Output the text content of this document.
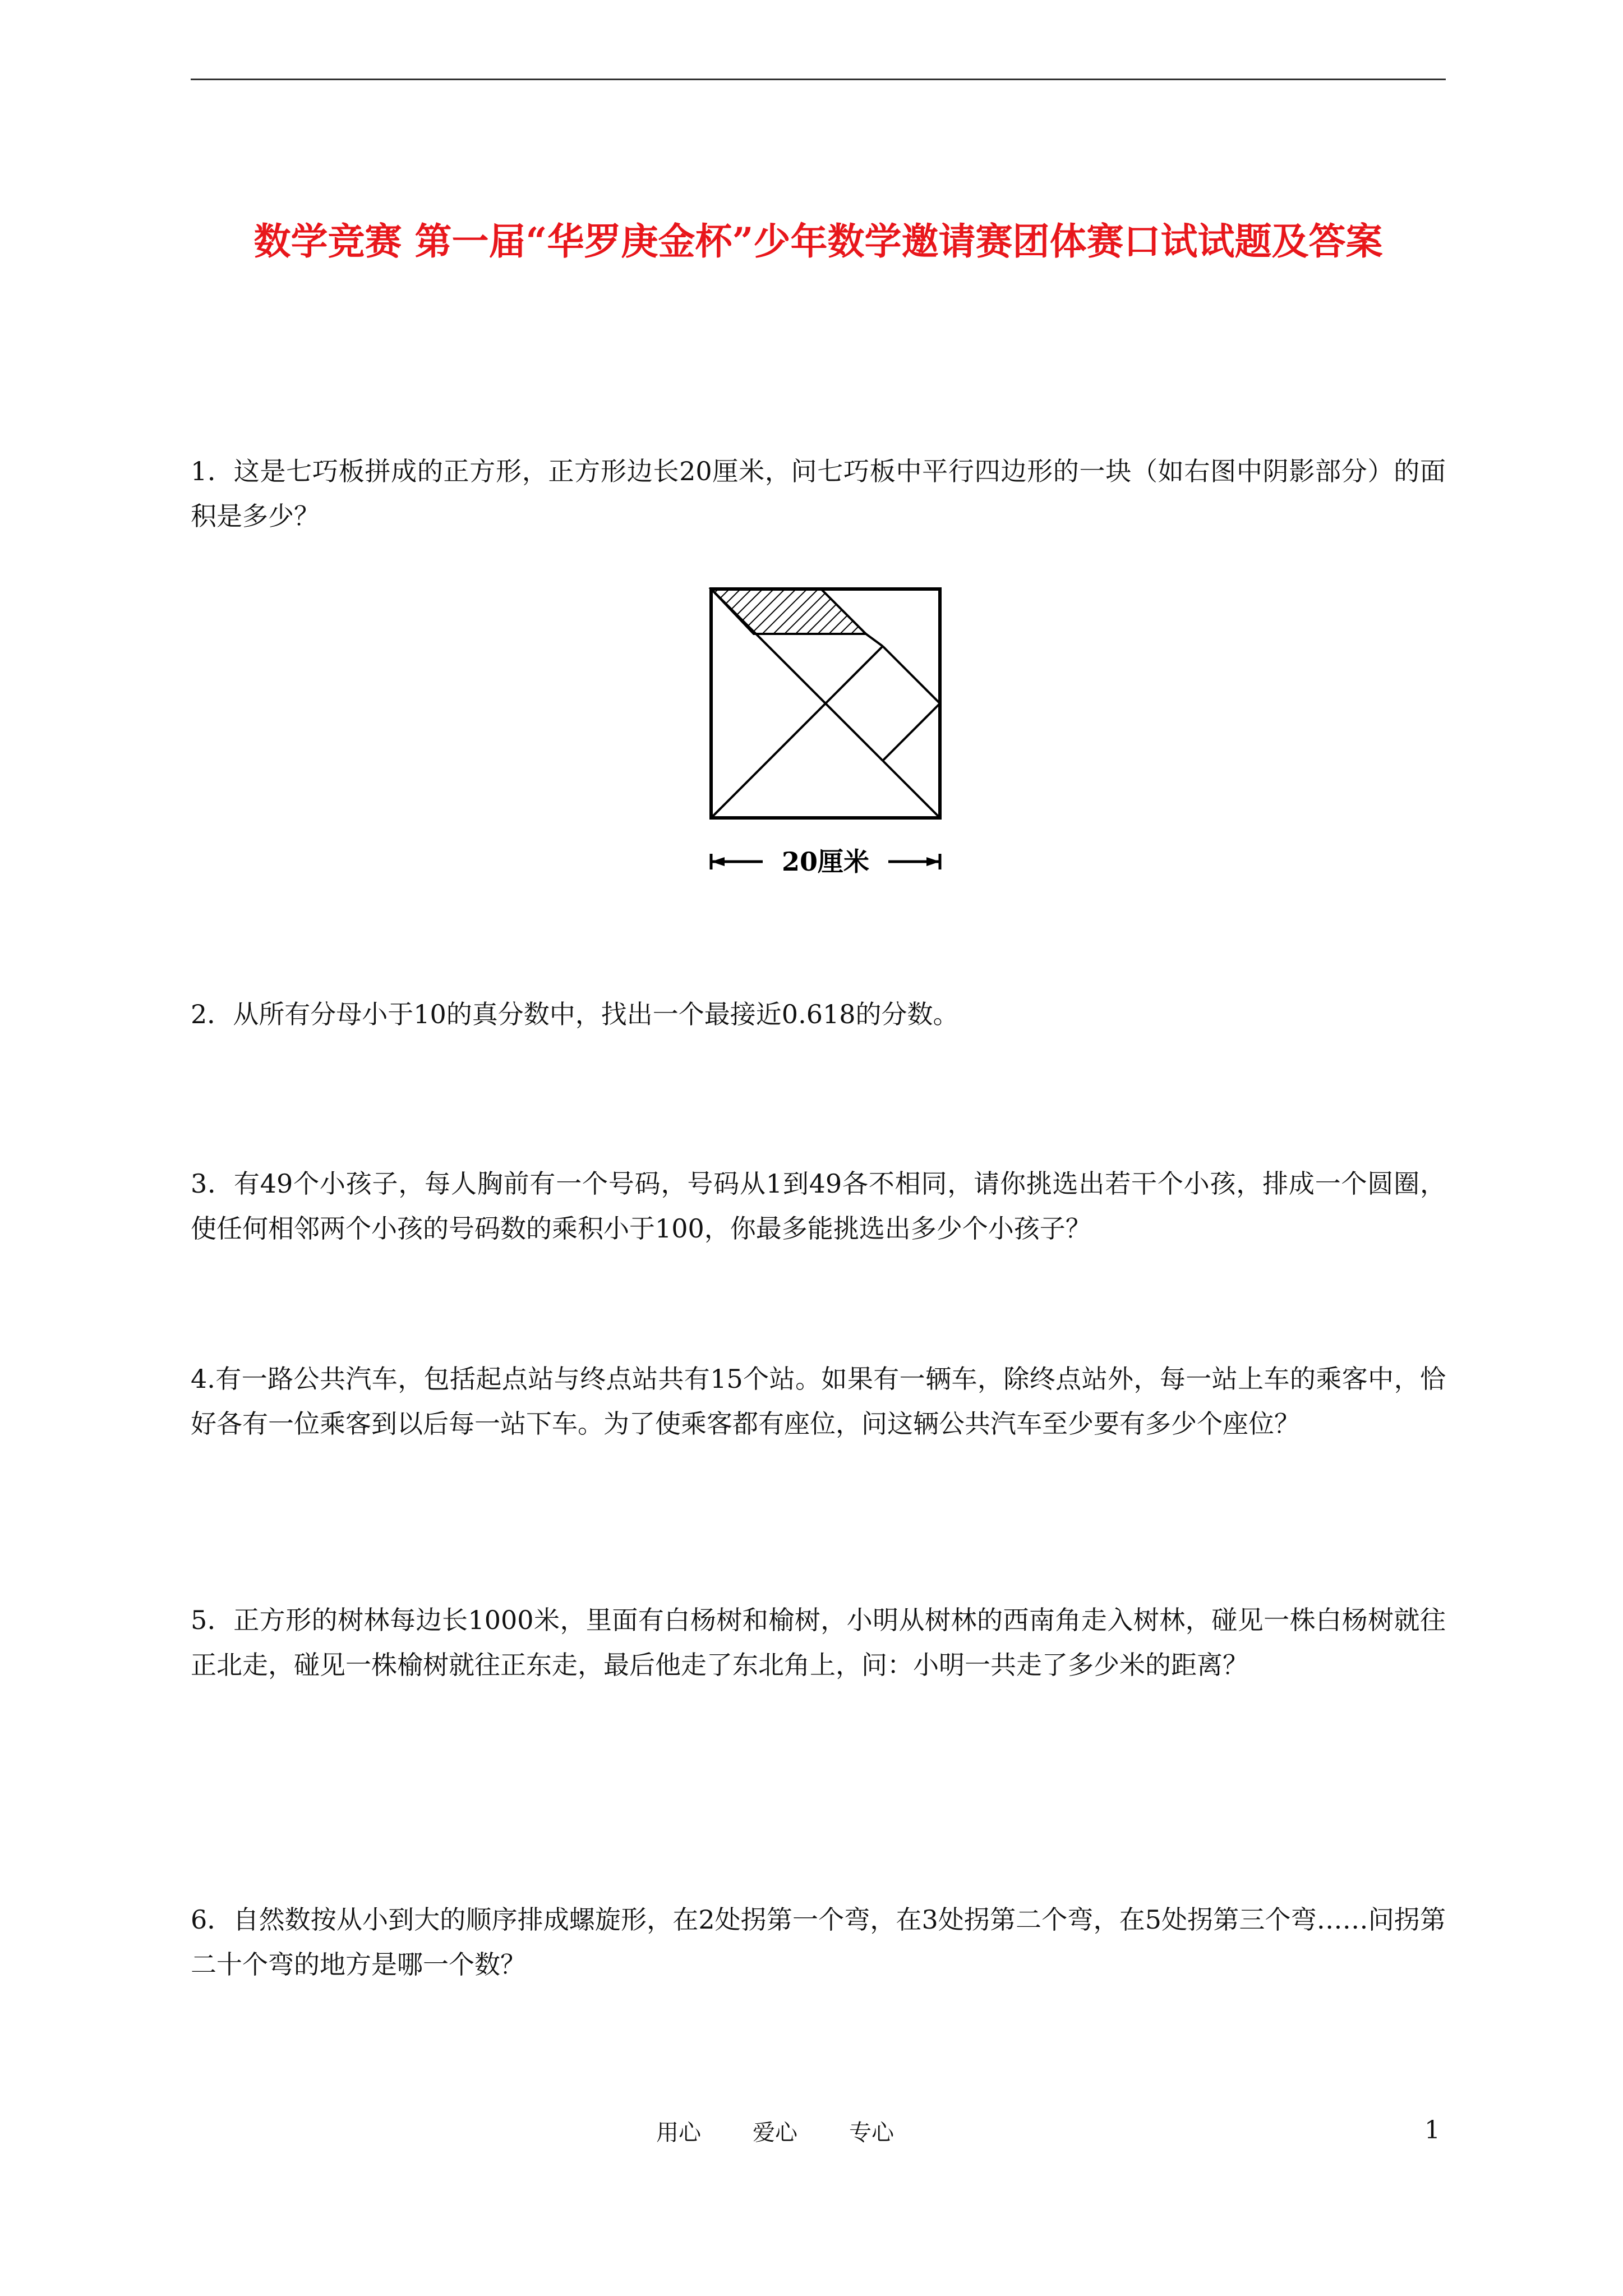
数学竞赛 第一届“华罗庚金杯”少年数学邀请赛团体赛口试试题及答案
1．这是七巧板拼成的正方形，正方形边长20厘米，问七巧板中平行四边形的一块（如右图中阴影部分）的面积是多少？
20厘米
2．从所有分母小于10的真分数中，找出一个最接近0.618的分数。
3．有49个小孩子，每人胸前有一个号码，号码从1到49各不相同，请你挑选出若干个小孩，排成一个圆圈，使任何相邻两个小孩的号码数的乘积小于100，你最多能挑选出多少个小孩子？
4.有一路公共汽车，包括起点站与终点站共有15个站。如果有一辆车，除终点站外，每一站上车的乘客中，恰好各有一位乘客到以后每一站下车。为了使乘客都有座位，问这辆公共汽车至少要有多少个座位？
5．正方形的树林每边长1000米，里面有白杨树和榆树，小明从树林的西南角走入树林，碰见一株白杨树就往正北走，碰见一株榆树就往正东走，最后他走了东北角上，问：小明一共走了多少米的距离？
6．自然数按从小到大的顺序排成螺旋形，在2处拐第一个弯，在3处拐第二个弯，在5处拐第三个弯……问拐第二十个弯的地方是哪一个数？
用心 爱心 专心	1
